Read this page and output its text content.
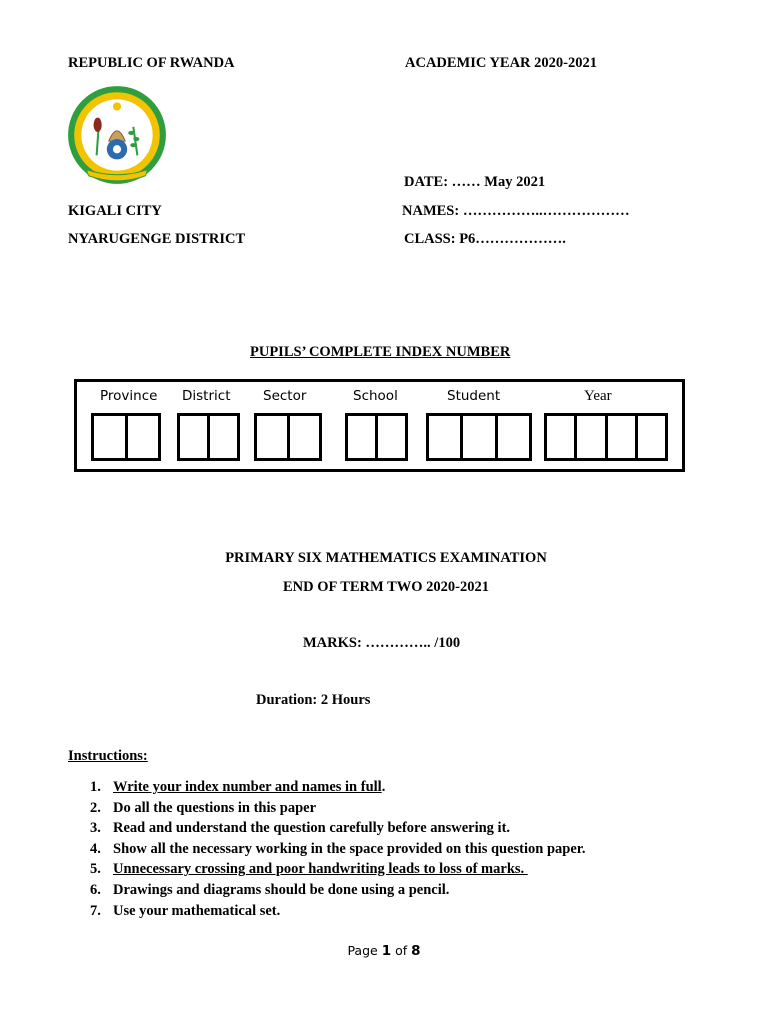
REPUBLIC OF RWANDA	ACADEMIC YEAR 2020-2021
DATE: …… May 2021
KIGALI CITY	NAMES: ……………..………………
NYARUGENGE DISTRICT	CLASS: P6……………….
PUPILS’ COMPLETE INDEX NUMBER
Province District Sector	School	Student	Year
PRIMARY SIX MATHEMATICS EXAMINATION
END OF TERM TWO 2020-2021
MARKS: ………….. /100
Duration: 2 Hours
Instructions:
1. Write your index number and names in full.
2. Do all the questions in this paper
3. Read and understand the question carefully before answering it.
4. Show all the necessary working in the space provided on this question paper.
5. Unnecessary crossing and poor handwriting leads to loss of marks.
6. Drawings and diagrams should be done using a pencil.
7. Use your mathematical set.
Page 1 of 8
